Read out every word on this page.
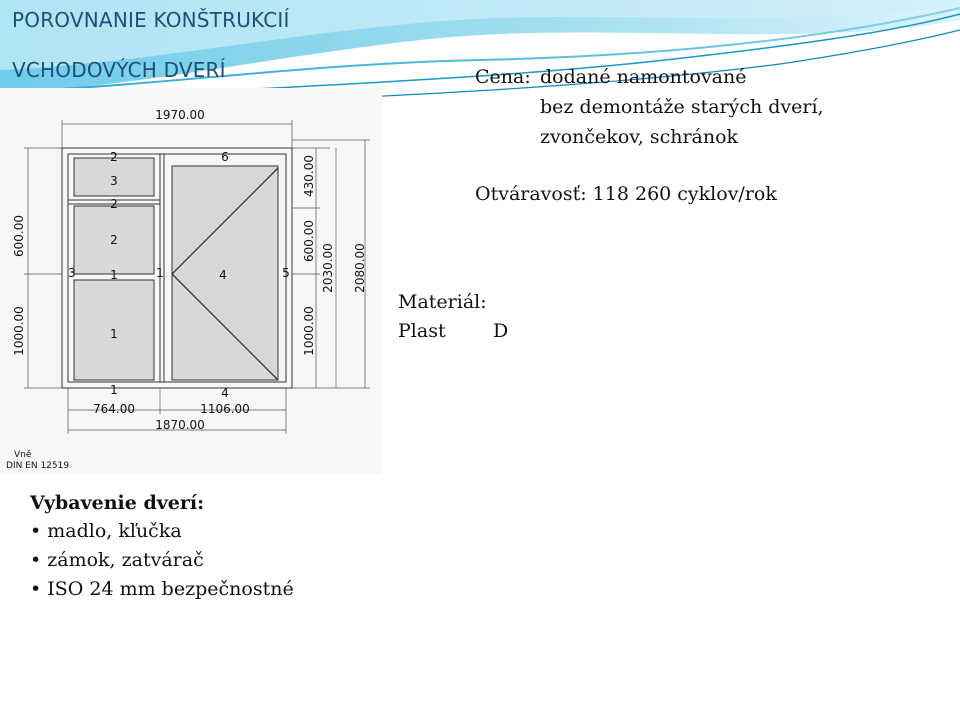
POROVNANIE KONŠTRUKCIÍ
VCHODOVÝCH DVERÍ	Cena: dodané namontované
bez demontáže starých dverí,
zvončekov, schránok
Otváravosť: 118 260 cyklov/rok
Materiál:
Plast D
1970.00
1870.00
764.00	1106.00
600.00
1000.00
430.00
600.00
1000.00
2030.00 2080.00
2
3
2
2
3	1
1
1
1
6
4	5
4
Vně
DIN EN 12519
Vybavenie dverí:
• madlo, kľučka
• zámok, zatvárač
• ISO 24 mm bezpečnostné
